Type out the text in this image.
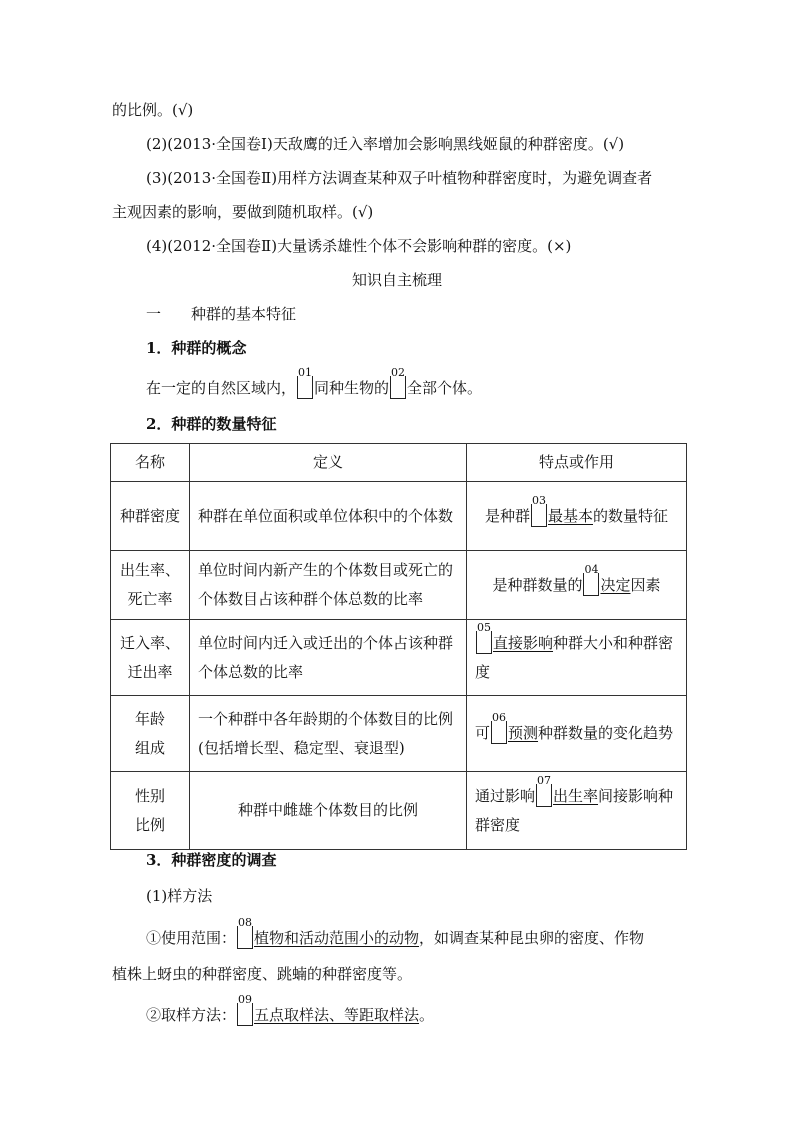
的比例。(√)
(2)(2013·全国卷Ⅰ)天敌鹰的迁入率增加会影响黑线姬鼠的种群密度。(√)
(3)(2013·全国卷Ⅱ)用样方法调查某种双子叶植物种群密度时，为避免调查者
主观因素的影响，要做到随机取样。(√)
(4)(2012·全国卷Ⅱ)大量诱杀雄性个体不会影响种群的密度。(×)
知识自主梳理
一　　种群的基本特征
1．种群的概念
在一定的自然区域内，
01
同种生物的
02
全部个体。
2．种群的数量特征
名称	定义	特点或作用
种群密度	种群在单位面积或单位体积中的个体数	是种群
03
最基本的数量特征
出生率、
死亡率	单位时间内新产生的个体数目或死亡的个体数目占该种群个体总数的比率	是种群数量的
04
决定因素
迁入率、
迁出率	单位时间内迁入或迁出的个体占该种群个体总数的比率	05
直接影响种群大小和种群密度
年龄
组成	一个种群中各年龄期的个体数目的比例(包括增长型、稳定型、衰退型)	可
06
预测种群数量的变化趋势
性别
比例	种群中雌雄个体数目的比例	通过影响
07
出生率间接影响种群密度
3．种群密度的调查
(1)样方法
①使用范围：
08
植物和活动范围小的动物，如调查某种昆虫卵的密度、作物
植株上蚜虫的种群密度、跳蝻的种群密度等。
②取样方法：
09
五点取样法、等距取样法。
